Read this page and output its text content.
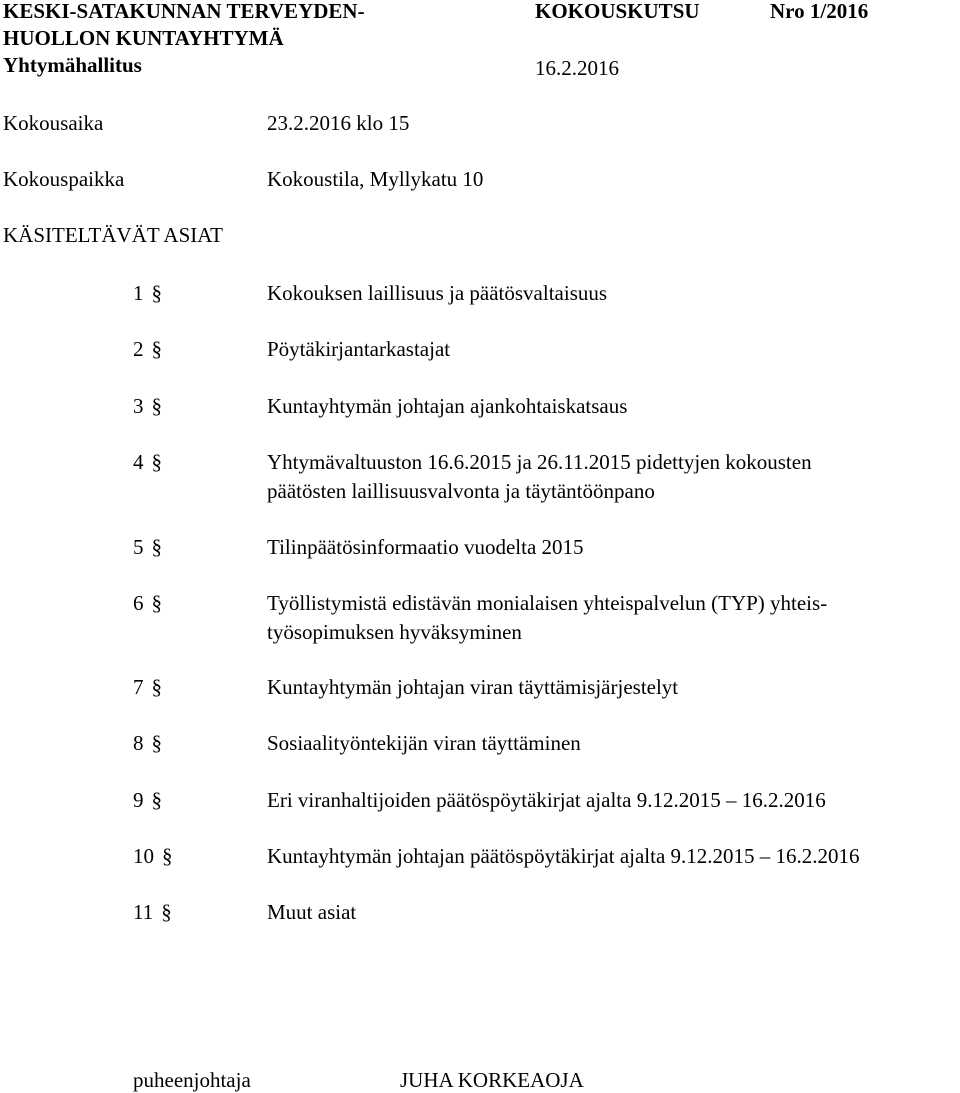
KESKI-SATAKUNNAN TERVEYDEN-
HUOLLON KUNTAYHTYMÄ
Yhtymähallitus
KOKOUSKUTSU	Nro 1/2016
16.2.2016
Kokousaika	23.2.2016 klo 15
Kokouspaikka	Kokoustila, Myllykatu 10
KÄSITELTÄVÄT ASIAT
1 §	Kokouksen laillisuus ja päätösvaltaisuus
2 §	Pöytäkirjantarkastajat
3 §	Kuntayhtymän johtajan ajankohtaiskatsaus
4 §	Yhtymävaltuuston 16.6.2015 ja 26.11.2015 pidettyjen kokousten
päätösten laillisuusvalvonta ja täytäntöönpano
5 §	Tilinpäätösinformaatio vuodelta 2015
6 §	Työllistymistä edistävän monialaisen yhteispalvelun (TYP) yhteis-
työsopimuksen hyväksyminen
7 §	Kuntayhtymän johtajan viran täyttämisjärjestelyt
8 §	Sosiaalityöntekijän viran täyttäminen
9 §	Eri viranhaltijoiden päätöspöytäkirjat ajalta 9.12.2015 – 16.2.2016
10 §	Kuntayhtymän johtajan päätöspöytäkirjat ajalta 9.12.2015 – 16.2.2016
11 §	Muut asiat
puheenjohtaja	JUHA KORKEAOJA
